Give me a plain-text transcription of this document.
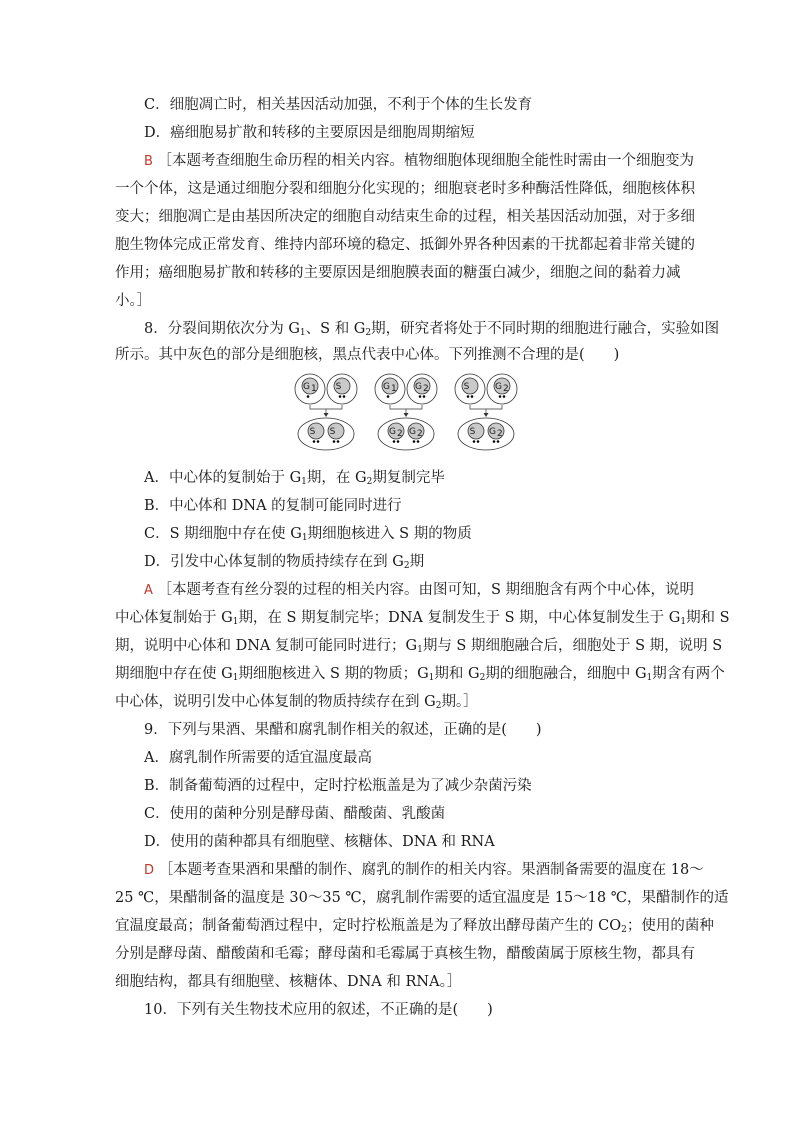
C．细胞凋亡时，相关基因活动加强，不利于个体的生长发育
D．癌细胞易扩散和转移的主要原因是细胞周期缩短
B ［本题考查细胞生命历程的相关内容。植物细胞体现细胞全能性时需由一个细胞变为
一个个体，这是通过细胞分裂和细胞分化实现的；细胞衰老时多种酶活性降低，细胞核体积
变大；细胞凋亡是由基因所决定的细胞自动结束生命的过程，相关基因活动加强，对于多细
胞生物体完成正常发育、维持内部环境的稳定、抵御外界各种因素的干扰都起着非常关键的
作用；癌细胞易扩散和转移的主要原因是细胞膜表面的糖蛋白减少，细胞之间的黏着力减
小。］
8．分裂间期依次分为 $G_1$、S 和 $G_2$期，研究者将处于不同时期的细胞进行融合，实验如图
所示。其中灰色的部分是细胞核，黑点代表中心体。下列推测不合理的是(　　)
G 1 S
S S
G 1 G 2
G 2 G 2
S	G 2
S G 2
A．中心体的复制始于 $G_1$期，在 $G_2$期复制完毕
B．中心体和 DNA 的复制可能同时进行
C．S 期细胞中存在使 $G_1$期细胞核进入 S 期的物质
D．引发中心体复制的物质持续存在到 $G_2$期
A ［本题考查有丝分裂的过程的相关内容。由图可知，S 期细胞含有两个中心体，说明
中心体复制始于 $G_1$期，在 S 期复制完毕；DNA 复制发生于 S 期，中心体复制发生于 $G_1$期和 S
期，说明中心体和 DNA 复制可能同时进行；$G_1$期与 S 期细胞融合后，细胞处于 S 期，说明 S
期细胞中存在使 $G_1$期细胞核进入 S 期的物质；$G_1$期和 $G_2$期的细胞融合，细胞中 $G_1$期含有两个
中心体，说明引发中心体复制的物质持续存在到 $G_2$期。］
9．下列与果酒、果醋和腐乳制作相关的叙述，正确的是(　　)
A．腐乳制作所需要的适宜温度最高
B．制备葡萄酒的过程中，定时拧松瓶盖是为了减少杂菌污染
C．使用的菌种分别是酵母菌、醋酸菌、乳酸菌
D．使用的菌种都具有细胞壁、核糖体、DNA 和 RNA
D ［本题考查果酒和果醋的制作、腐乳的制作的相关内容。果酒制备需要的温度在 18～
25 ℃，果醋制备的温度是 30～35 ℃，腐乳制作需要的适宜温度是 15～18 ℃，果醋制作的适
宜温度最高；制备葡萄酒过程中，定时拧松瓶盖是为了释放出酵母菌产生的 $CO_2$；使用的菌种
分别是酵母菌、醋酸菌和毛霉；酵母菌和毛霉属于真核生物，醋酸菌属于原核生物，都具有
细胞结构，都具有细胞壁、核糖体、DNA 和 RNA。］
10．下列有关生物技术应用的叙述，不正确的是(　　)
